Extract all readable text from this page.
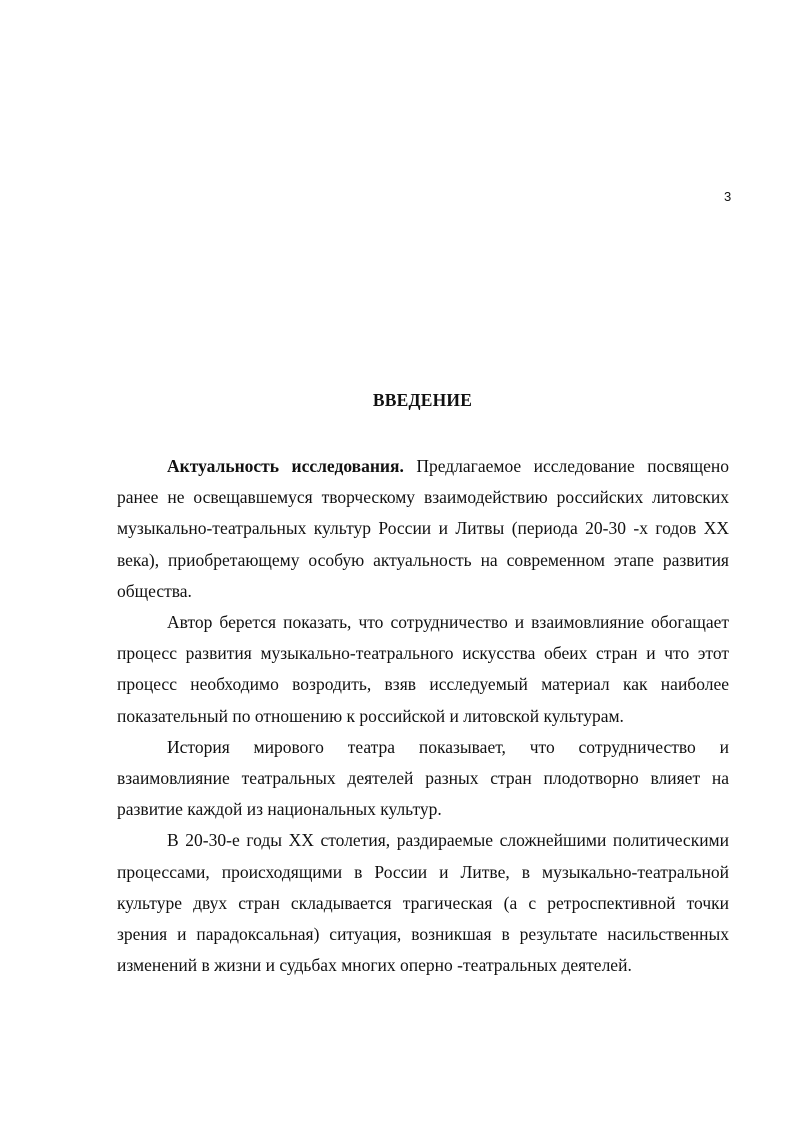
3
ВВЕДЕНИЕ

Актуальность исследования. Предлагаемое исследование посвящено ранее не освещавшемуся творческому взаимодействию российских литовских музыкально-театральных культур России и Литвы (периода 20-30 -х годов XX века), приобретающему особую актуальность на современном этапе развития общества.

Автор берется показать, что сотрудничество и взаимовлияние обогащает процесс развития музыкально-театрального искусства обеих стран и что этот процесс необходимо возродить, взяв исследуемый материал как наиболее показательный по отношению к российской и литовской культурам.

История мирового театра показывает, что сотрудничество и взаимовлияние театральных деятелей разных стран плодотворно влияет на развитие каждой из национальных культур.

В 20-30-е годы XX столетия, раздираемые сложнейшими политическими процессами, происходящими в России и Литве, в музыкально-театральной культуре двух стран складывается трагическая (а с ретроспективной точки зрения и парадоксальная) ситуация, возникшая в результате насильственных изменений в жизни и судьбах многих оперно -театральных деятелей.
